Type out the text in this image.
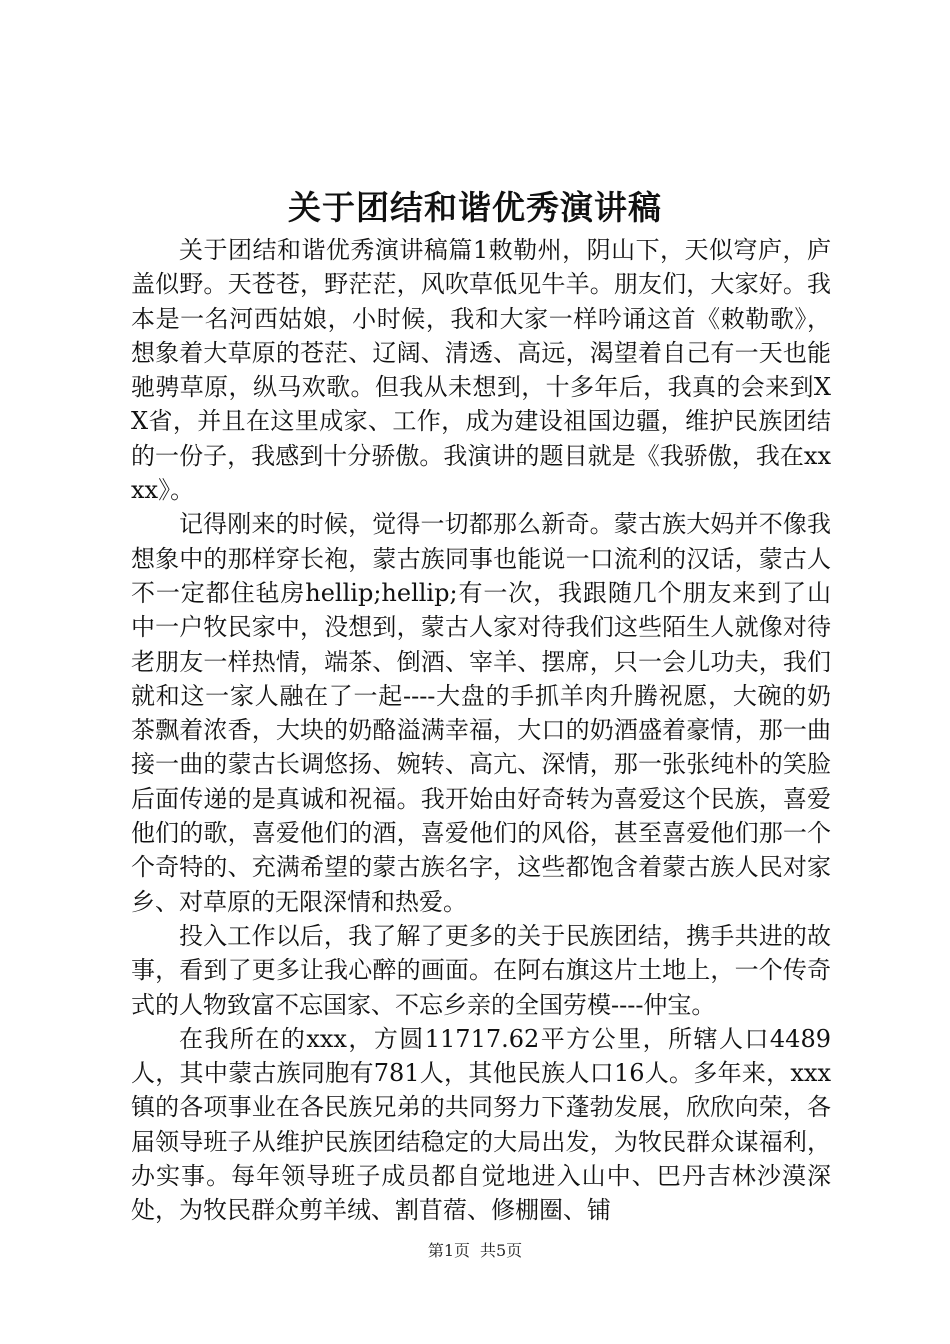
关于团结和谐优秀演讲稿

关于团结和谐优秀演讲稿篇1敕勒州，阴山下，天似穹庐，庐盖似野。天苍苍，野茫茫，风吹草低见牛羊。朋友们，大家好。我本是一名河西姑娘，小时候，我和大家一样吟诵这首《敕勒歌》，想象着大草原的苍茫、辽阔、清透、高远，渴望着自己有一天也能驰骋草原，纵马欢歌。但我从未想到，十多年后，我真的会来到XX省，并且在这里成家、工作，成为建设祖国边疆，维护民族团结的一份子，我感到十分骄傲。我演讲的题目就是《我骄傲，我在xxxx》。

记得刚来的时候，觉得一切都那么新奇。蒙古族大妈并不像我想象中的那样穿长袍，蒙古族同事也能说一口流利的汉话，蒙古人不一定都住毡房hellip;hellip;有一次，我跟随几个朋友来到了山中一户牧民家中，没想到，蒙古人家对待我们这些陌生人就像对待老朋友一样热情，端茶、倒酒、宰羊、摆席，只一会儿功夫，我们就和这一家人融在了一起----大盘的手抓羊肉升腾祝愿，大碗的奶茶飘着浓香，大块的奶酪溢满幸福，大口的奶酒盛着豪情，那一曲接一曲的蒙古长调悠扬、婉转、高亢、深情，那一张张纯朴的笑脸后面传递的是真诚和祝福。我开始由好奇转为喜爱这个民族，喜爱他们的歌，喜爱他们的酒，喜爱他们的风俗，甚至喜爱他们那一个个奇特的、充满希望的蒙古族名字，这些都饱含着蒙古族人民对家乡、对草原的无限深情和热爱。

投入工作以后，我了解了更多的关于民族团结，携手共进的故事，看到了更多让我心醉的画面。在阿右旗这片土地上，一个传奇式的人物致富不忘国家、不忘乡亲的全国劳模----仲宝。

在我所在的xxx，方圆11717.62平方公里，所辖人口4489人，其中蒙古族同胞有781人，其他民族人口16人。多年来，xxx镇的各项事业在各民族兄弟的共同努力下蓬勃发展，欣欣向荣，各届领导班子从维护民族团结稳定的大局出发，为牧民群众谋福利，办实事。每年领导班子成员都自觉地进入山中、巴丹吉林沙漠深处，为牧民群众剪羊绒、割苜蓿、修棚圈、铺

第1页 共5页
